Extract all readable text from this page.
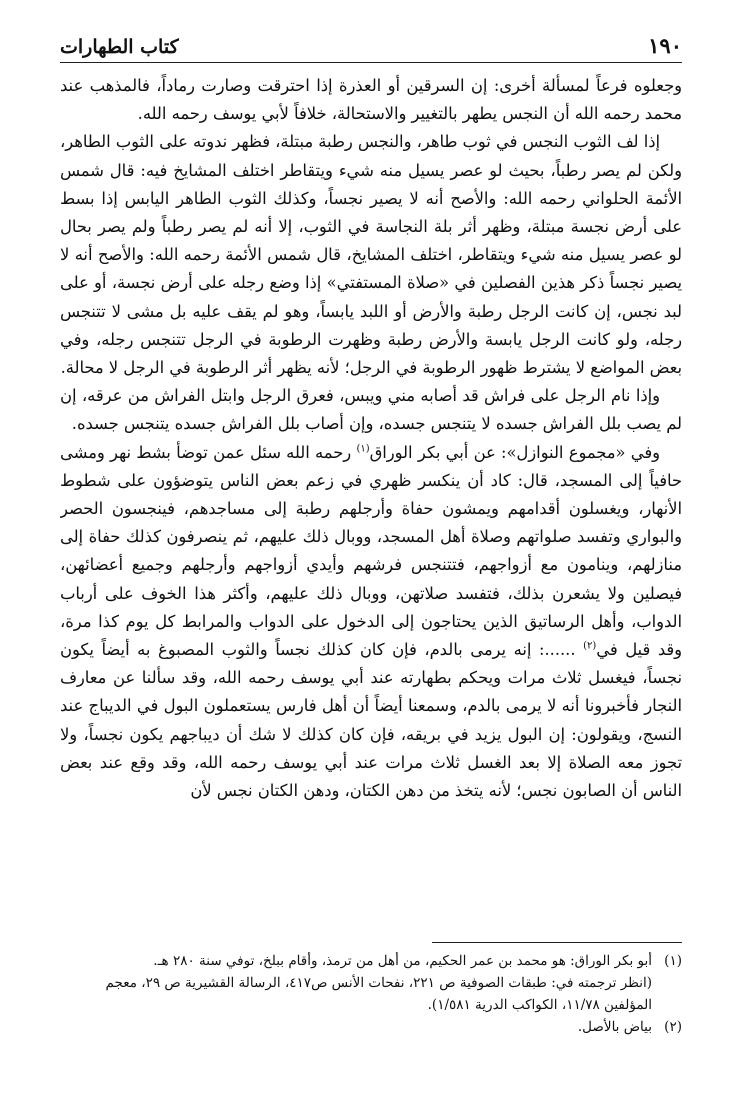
١٩٠
كتاب الطهارات

وجعلوه فرعاً لمسألة أخرى: إن السرقين أو العذرة إذا احترقت وصارت رماداً، فالمذهب عند محمد رحمه الله أن النجس يطهر بالتغيير والاستحالة، خلافاً لأبي يوسف رحمه الله.

إذا لف الثوب النجس في ثوب طاهر، والنجس رطبة مبتلة، فظهر ندوته على الثوب الطاهر، ولكن لم يصر رطباً، بحيث لو عصر يسيل منه شيء ويتقاطر اختلف المشايخ فيه: قال شمس الأئمة الحلواني رحمه الله: والأصح أنه لا يصير نجساً، وكذلك الثوب الطاهر اليابس إذا بسط على أرض نجسة مبتلة، وظهر أثر بلة النجاسة في الثوب، إلا أنه لم يصر رطباً ولم يصر بحال لو عصر يسيل منه شيء ويتقاطر، اختلف المشايخ، قال شمس الأئمة رحمه الله: والأصح أنه لا يصير نجساً ذكر هذين الفصلين في «صلاة المستفتي» إذا وضع رجله على أرض نجسة، أو على لبد نجس، إن كانت الرجل رطبة والأرض أو اللبد يابساً، وهو لم يقف عليه بل مشى لا تتنجس رجله، ولو كانت الرجل يابسة والأرض رطبة وظهرت الرطوبة في الرجل تتنجس رجله، وفي بعض المواضع لا يشترط ظهور الرطوبة في الرجل؛ لأنه يظهر أثر الرطوبة في الرجل لا محالة.

وإذا نام الرجل على فراش قد أصابه مني ويبس، فعرق الرجل وابتل الفراش من عرقه، إن لم يصب بلل الفراش جسده لا يتنجس جسده، وإن أصاب بلل الفراش جسده يتنجس جسده.

وفي «مجموع النوازل»: عن أبي بكر الوراق$^{(١)}$ رحمه الله سئل عمن توضأ بشط نهر ومشى حافياً إلى المسجد، قال: كاد أن ينكسر ظهري في زعم بعض الناس يتوضؤون على شطوط الأنهار، ويغسلون أقدامهم ويمشون حفاة وأرجلهم رطبة إلى مساجدهم، فينجسون الحصر والبواري وتفسد صلواتهم وصلاة أهل المسجد، ووبال ذلك عليهم، ثم ينصرفون كذلك حفاة إلى منازلهم، وينامون مع أزواجهم، فتتنجس فرشهم وأيدي أزواجهم وأرجلهم وجميع أعضائهن، فيصلين ولا يشعرن بذلك، فتفسد صلاتهن، ووبال ذلك عليهم، وأكثر هذا الخوف على أرباب الدواب، وأهل الرساتيق الذين يحتاجون إلى الدخول على الدواب والمرابط كل يوم كذا مرة، وقد قيل في$^{(٢)}$ ......: إنه يرمى بالدم، فإن كان كذلك نجساً والثوب المصبوغ به أيضاً يكون نجساً، فيغسل ثلاث مرات ويحكم بطهارته عند أبي يوسف رحمه الله، وقد سألنا عن معارف النجار فأخبرونا أنه لا يرمى بالدم، وسمعنا أيضاً أن أهل فارس يستعملون البول في الديباج عند النسج، ويقولون: إن البول يزيد في بريقه، فإن كان كذلك لا شك أن ديباجهم يكون نجساً، ولا تجوز معه الصلاة إلا بعد الغسل ثلاث مرات عند أبي يوسف رحمه الله، وقد وقع عند بعض الناس أن الصابون نجس؛ لأنه يتخذ من دهن الكتان، ودهن الكتان نجس لأن

(١)
أبو بكر الوراق: هو محمد بن عمر الحكيم، من أهل من ترمذ، وأقام ببلخ، توفي سنة ٢٨٠ هـ.
(انظر ترجمته في: طبقات الصوفية ص ٢٢١، نفحات الأنس ص٤١٧، الرسالة القشيرية ص ٢٩، معجم المؤلفين ١١/٧٨، الكواكب الدرية ١/٥٨١).
(٢)
بياض بالأصل.
